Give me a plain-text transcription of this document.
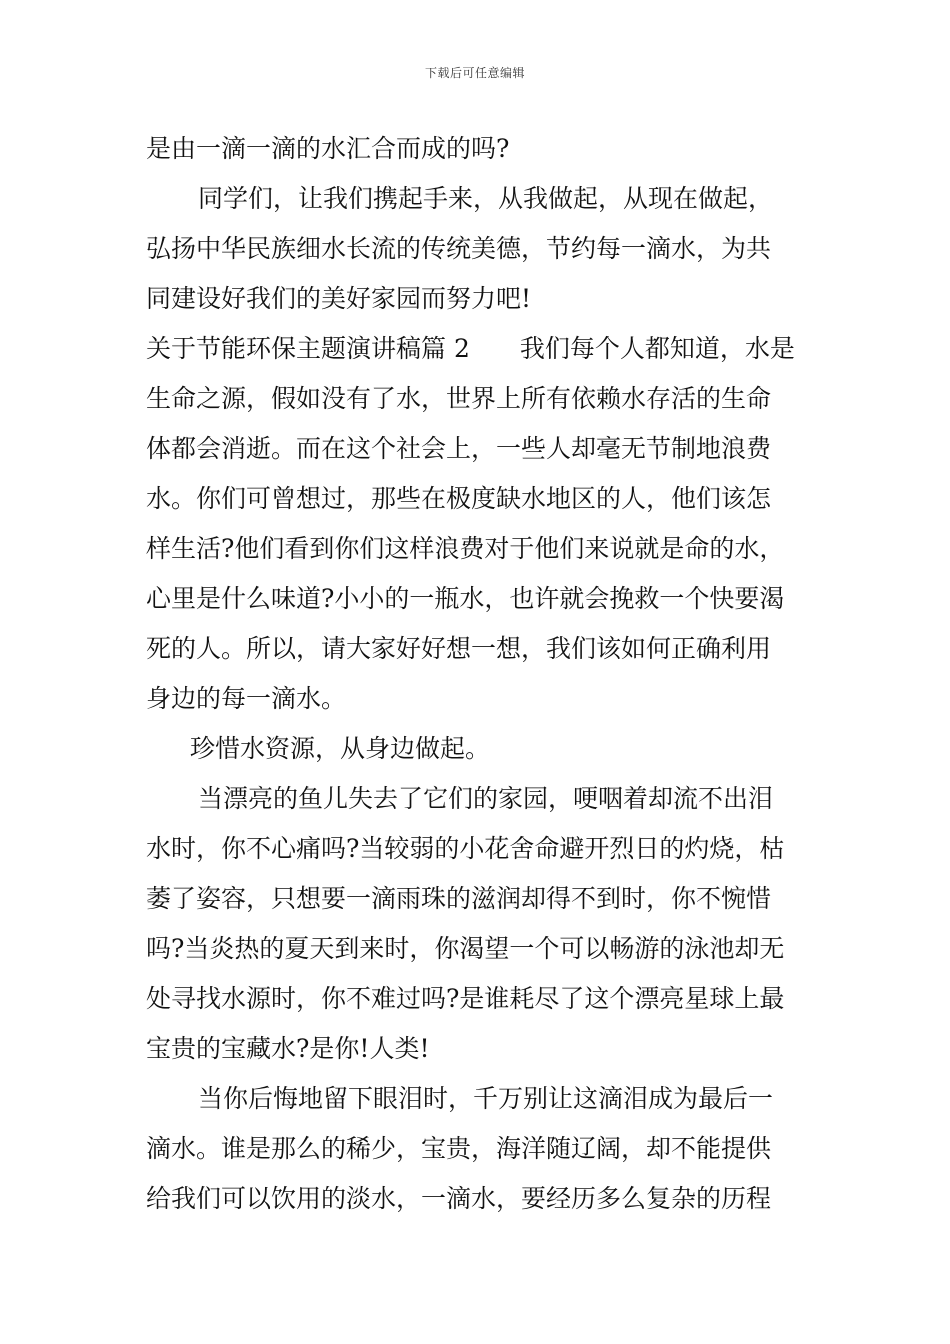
下载后可任意编辑
是由一滴一滴的水汇合而成的吗?
同学们，让我们携起手来，从我做起，从现在做起，
弘扬中华民族细水长流的传统美德，节约每一滴水，为共
同建设好我们的美好家园而努力吧!
关于节能环保主题演讲稿篇 2　　我们每个人都知道，水是
生命之源，假如没有了水，世界上所有依赖水存活的生命
体都会消逝。而在这个社会上，一些人却毫无节制地浪费
水。你们可曾想过，那些在极度缺水地区的人，他们该怎
样生活?他们看到你们这样浪费对于他们来说就是命的水，
心里是什么味道?小小的一瓶水，也许就会挽救一个快要渴
死的人。所以，请大家好好想一想，我们该如何正确利用
身边的每一滴水。
珍惜水资源，从身边做起。
当漂亮的鱼儿失去了它们的家园，哽咽着却流不出泪
水时，你不心痛吗?当较弱的小花舍命避开烈日的灼烧，枯
萎了姿容，只想要一滴雨珠的滋润却得不到时，你不惋惜
吗?当炎热的夏天到来时，你渴望一个可以畅游的泳池却无
处寻找水源时，你不难过吗?是谁耗尽了这个漂亮星球上最
宝贵的宝藏水?是你!人类!
当你后悔地留下眼泪时，千万别让这滴泪成为最后一
滴水。谁是那么的稀少，宝贵，海洋随辽阔，却不能提供
给我们可以饮用的淡水，一滴水，要经历多么复杂的历程
